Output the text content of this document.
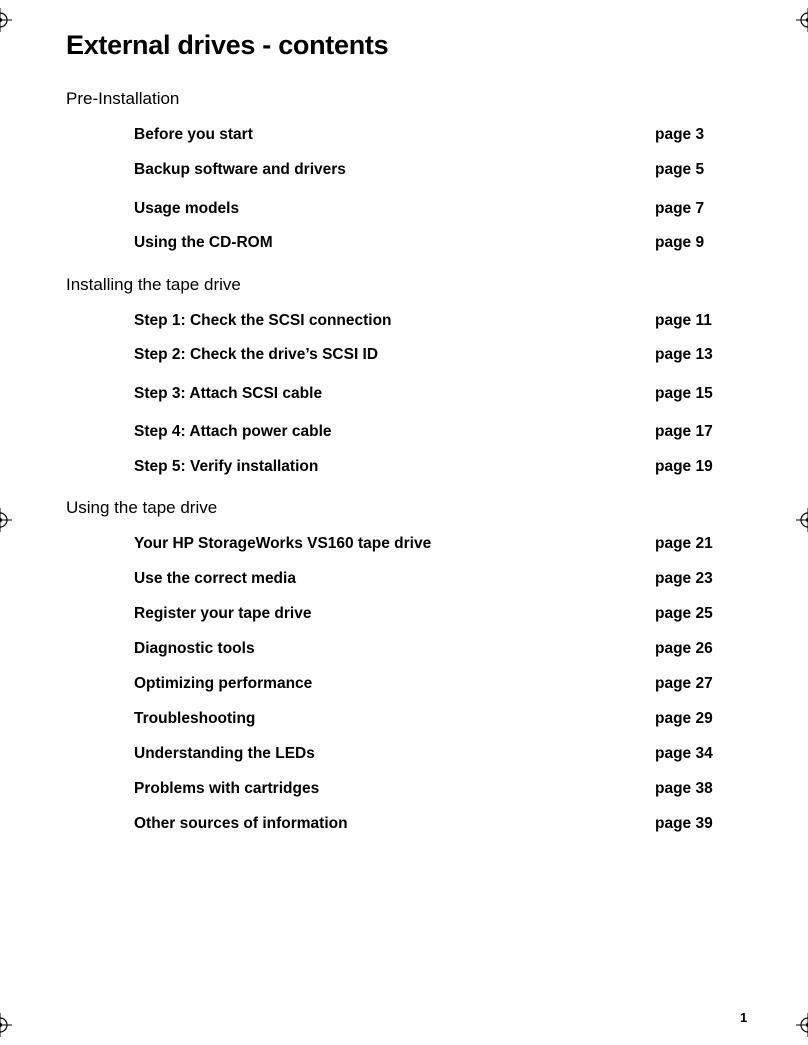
External drives - contents
Pre-Installation
Before you start	page 3
Backup software and drivers	page 5
Usage models	page 7
Using the CD-ROM	page 9
Installing the tape drive
Step 1: Check the SCSI connection	page 11
Step 2: Check the drive’s SCSI ID	page 13
Step 3: Attach SCSI cable	page 15
Step 4: Attach power cable	page 17
Step 5: Verify installation	page 19
Using the tape drive
Your HP StorageWorks VS160 tape drive	page 21
Use the correct media	page 23
Register your tape drive	page 25
Diagnostic tools	page 26
Optimizing performance	page 27
Troubleshooting	page 29
Understanding the LEDs	page 34
Problems with cartridges	page 38
Other sources of information	page 39
1
